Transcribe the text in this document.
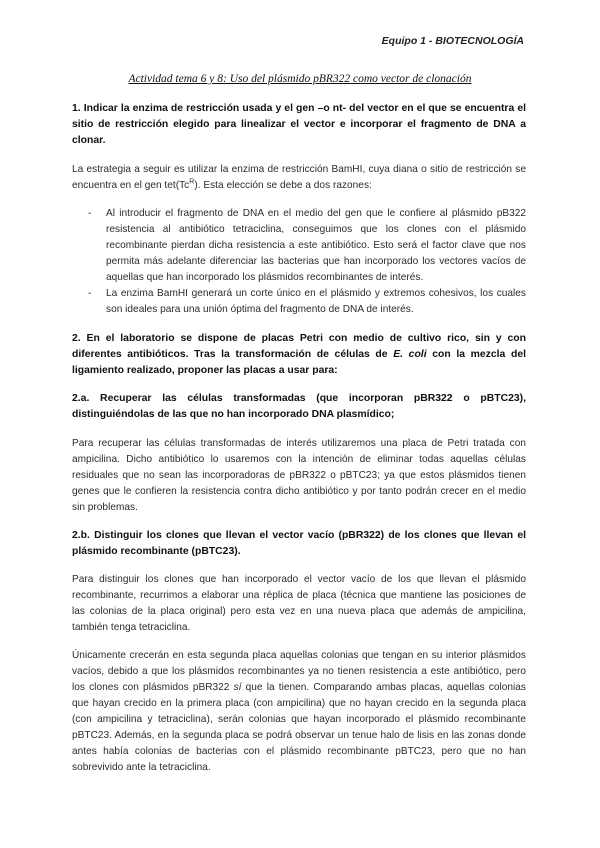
Equipo 1 - BIOTECNOLOGÍA
Actividad tema 6 y 8: Uso del plásmido pBR322 como vector de clonación

1. Indicar la enzima de restricción usada y el gen –o nt- del vector en el que se encuentra el sitio de restricción elegido para linealizar el vector e incorporar el fragmento de DNA a clonar.

La estrategia a seguir es utilizar la enzima de restricción BamHI, cuya diana o sitio de restricción se encuentra en el gen $tet(Tc^R)$. Esta elección se debe a dos razones:

- Al introducir el fragmento de DNA en el medio del gen que le confiere al plásmido pB322 resistencia al antibiótico tetraciclina, conseguimos que los clones con el plásmido recombinante pierdan dicha resistencia a este antibiótico. Esto será el factor clave que nos permita más adelante diferenciar las bacterias que han incorporado los vectores vacíos de aquellas que han incorporado los plásmidos recombinantes de interés.
- La enzima BamHI generará un corte único en el plásmido y extremos cohesivos, los cuales son ideales para una unión óptima del fragmento de DNA de interés.

2. En el laboratorio se dispone de placas Petri con medio de cultivo rico, sin y con diferentes antibióticos. Tras la transformación de células de E. coli con la mezcla del ligamiento realizado, proponer las placas a usar para:

2.a. Recuperar las células transformadas (que incorporan pBR322 o pBTC23), distinguiéndolas de las que no han incorporado DNA plasmídico;

Para recuperar las células transformadas de interés utilizaremos una placa de Petri tratada con ampicilina. Dicho antibiótico lo usaremos con la intención de eliminar todas aquellas células residuales que no sean las incorporadoras de pBR322 o pBTC23; ya que estos plásmidos tienen genes que le confieren la resistencia contra dicho antibiótico y por tanto podrán crecer en el medio sin problemas.

2.b. Distinguir los clones que llevan el vector vacío (pBR322) de los clones que llevan el plásmido recombinante (pBTC23).

Para distinguir los clones que han incorporado el vector vacío de los que llevan el plásmido recombinante, recurrimos a elaborar una réplica de placa (técnica que mantiene las posiciones de las colonias de la placa original) pero esta vez en una nueva placa que además de ampicilina, también tenga tetraciclina.

Únicamente crecerán en esta segunda placa aquellas colonias que tengan en su interior plásmidos vacíos, debido a que los plásmidos recombinantes ya no tienen resistencia a este antibiótico, pero los clones con plásmidos pBR322 sí que la tienen. Comparando ambas placas, aquellas colonias que hayan crecido en la primera placa (con ampicilina) que no hayan crecido en la segunda placa (con ampicilina y tetraciclina), serán colonias que hayan incorporado el plásmido recombinante pBTC23. Además, en la segunda placa se podrá observar un tenue halo de lisis en las zonas donde antes había colonias de bacterias con el plásmido recombinante pBTC23, pero que no han sobrevivido ante la tetraciclina.
